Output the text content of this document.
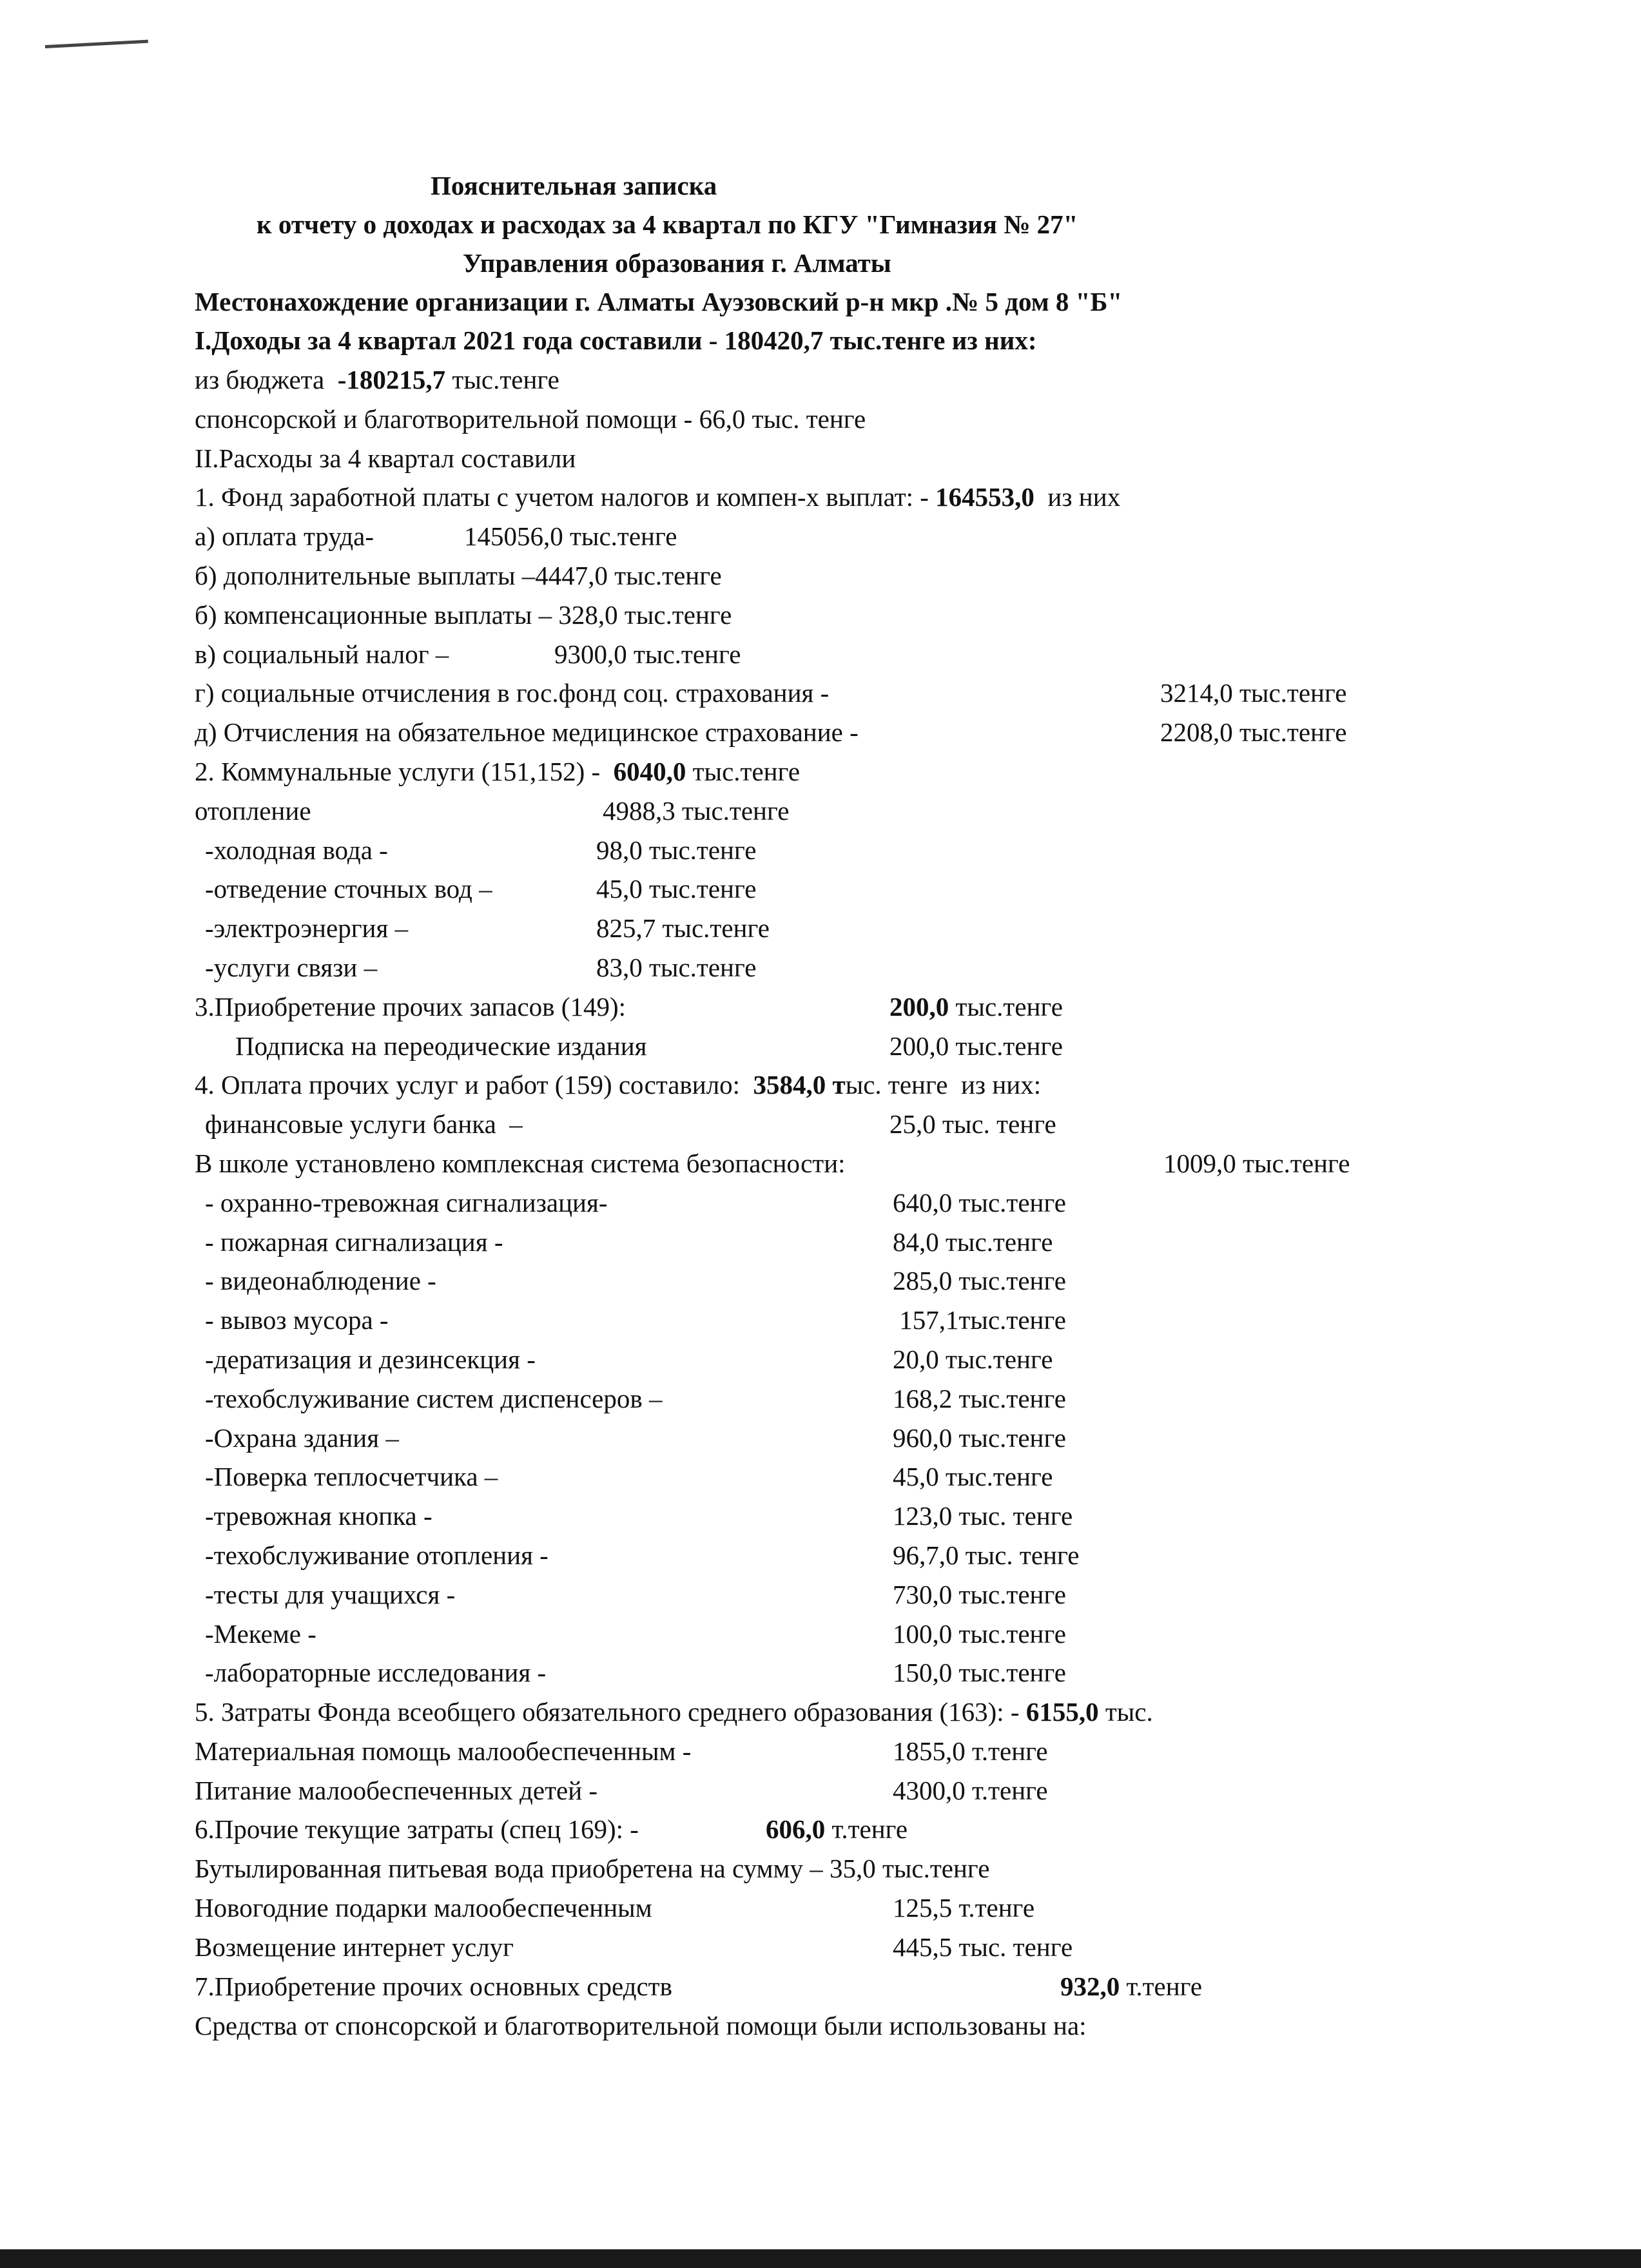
Пояснительная записка
к отчету о доходах и расходах за 4 квартал по КГУ "Гимназия № 27"
Управления образования г. Алматы
Местонахождение организации г. Алматы Ауэзовский р-н мкр .№ 5 дом 8 "Б"
I.Доходы за 4 квартал 2021 года составили - 180420,7 тыс.тенге из них:
из бюджета  -180215,7 тыс.тенге
спонсорской и благотворительной помощи - 66,0 тыс. тенге
II.Расходы за 4 квартал составили
1. Фонд заработной платы с учетом налогов и компен-х выплат: - 164553,0  из них
а) оплата труда-	145056,0 тыс.тенге
б) дополнительные выплаты –4447,0 тыс.тенге
б) компенсационные выплаты – 328,0 тыс.тенге
в) социальный налог –	9300,0 тыс.тенге
г) социальные отчисления в гос.фонд соц. страхования -	3214,0 тыс.тенге
д) Отчисления на обязательное медицинское страхование -	2208,0 тыс.тенге
2. Коммунальные услуги (151,152) -  6040,0 тыс.тенге
отопление	4988,3 тыс.тенге
-холодная вода -	98,0 тыс.тенге
-отведение сточных вод –	45,0 тыс.тенге
-электроэнергия –	825,7 тыс.тенге
-услуги связи –	83,0 тыс.тенге
3.Приобретение прочих запасов (149):	200,0 тыс.тенге
Подписка на переодические издания	200,0 тыс.тенге
4. Оплата прочих услуг и работ (159) составило:  3584,0 тыс. тенге  из них:
финансовые услуги банка  –	25,0 тыс. тенге
В школе установлено комплексная система безопасности:	1009,0 тыс.тенге
- охранно-тревожная сигнализация-	640,0 тыс.тенге
- пожарная сигнализация -	84,0 тыс.тенге
- видеонаблюдение -	285,0 тыс.тенге
- вывоз мусора -	157,1тыс.тенге
-дератизация и дезинсекция -	20,0 тыс.тенге
-техобслуживание систем диспенсеров –	168,2 тыс.тенге
-Охрана здания –	960,0 тыс.тенге
-Поверка теплосчетчика –	45,0 тыс.тенге
-тревожная кнопка -	123,0 тыс. тенге
-техобслуживание отопления -	96,7,0 тыс. тенге
-тесты для учащихся -	730,0 тыс.тенге
-Мекеме -	100,0 тыс.тенге
-лабораторные исследования -	150,0 тыс.тенге
5. Затраты Фонда всеобщего обязательного среднего образования (163): - 6155,0 тыс.
Материальная помощь малообеспеченным -	1855,0 т.тенге
Питание малообеспеченных детей -	4300,0 т.тенге
6.Прочие текущие затраты (спец 169): -	606,0 т.тенге
Бутылированная питьевая вода приобретена на сумму – 35,0 тыс.тенге
Новогодние подарки малообеспеченным	125,5 т.тенге
Возмещение интернет услуг	445,5 тыс. тенге
7.Приобретение прочих основных средств	932,0 т.тенге
Средства от спонсорской и благотворительной помощи были использованы на:
